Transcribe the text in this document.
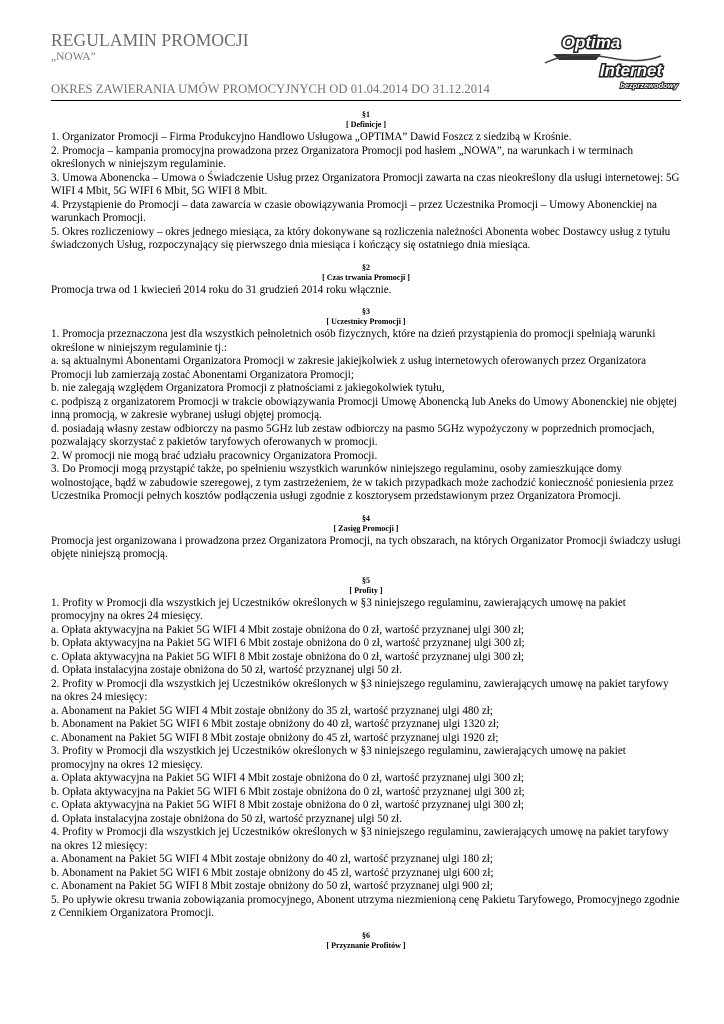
REGULAMIN PROMOCJI
„NOWA”
OKRES ZAWIERANIA UMÓW PROMOCYJNYCH OD 01.04.2014 DO 31.12.2014
Optima
Internet
bezprzewodowy
§1
[ Definicje ]

1. Organizator Promocji – Firma Produkcyjno Handlowo Usługowa „OPTIMA” Dawid Foszcz z siedzibą w Krośnie.

2. Promocja – kampania promocyjna prowadzona przez Organizatora Promocji pod hasłem „NOWA”, na warunkach i w terminach określonych w niniejszym regulaminie.

3. Umowa Abonencka – Umowa o Świadczenie Usług przez Organizatora Promocji zawarta na czas nieokreślony dla usługi internetowej: 5G WIFI 4 Mbit, 5G WIFI 6 Mbit, 5G WIFI 8 Mbit.

4. Przystąpienie do Promocji – data zawarcia w czasie obowiązywania Promocji – przez Uczestnika Promocji – Umowy Abonenckiej na warunkach Promocji.

5. Okres rozliczeniowy – okres jednego miesiąca, za który dokonywane są rozliczenia należności Abonenta wobec Dostawcy usług z tytułu świadczonych Usług, rozpoczynający się pierwszego dnia miesiąca i kończący się ostatniego dnia miesiąca.

§2
[ Czas trwania Promocji ]

Promocja trwa od 1 kwiecień 2014 roku do 31 grudzień 2014 roku włącznie.

§3
[ Uczestnicy Promocji ]

1. Promocja przeznaczona jest dla wszystkich pełnoletnich osób fizycznych, które na dzień przystąpienia do promocji spełniają warunki określone w niniejszym regulaminie tj.:

a. są aktualnymi Abonentami Organizatora Promocji w zakresie jakiejkolwiek z usług internetowych oferowanych przez Organizatora Promocji lub zamierzają zostać Abonentami Organizatora Promocji;

b. nie zalegają względem Organizatora Promocji z płatnościami z jakiegokolwiek tytułu,

c. podpiszą z organizatorem Promocji w trakcie obowiązywania Promocji Umowę Abonencką lub Aneks do Umowy Abonenckiej nie objętej inną promocją, w zakresie wybranej usługi objętej promocją.

d. posiadają własny zestaw odbiorczy na pasmo 5GHz lub zestaw odbiorczy na pasmo 5GHz wypożyczony w poprzednich promocjach, pozwalający skorzystać z pakietów taryfowych oferowanych w promocji.

2. W promocji nie mogą brać udziału pracownicy Organizatora Promocji.

3. Do Promocji mogą przystąpić także, po spełnieniu wszystkich warunków niniejszego regulaminu, osoby zamieszkujące domy wolnostojące, bądź w zabudowie szeregowej, z tym zastrzeżeniem, że w takich przypadkach może zachodzić konieczność poniesienia przez Uczestnika Promocji pełnych kosztów podłączenia usługi zgodnie z kosztorysem przedstawionym przez Organizatora Promocji.

§4
[ Zasięg Promocji ]

Promocja jest organizowana i prowadzona przez Organizatora Promocji, na tych obszarach, na których Organizator Promocji świadczy usługi objęte niniejszą promocją.

§5
[ Profity ]

1. Profity w Promocji dla wszystkich jej Uczestników określonych w §3 niniejszego regulaminu, zawierających umowę na pakiet promocyjny na okres 24 miesięcy.

a. Opłata aktywacyjna na Pakiet 5G WIFI 4 Mbit zostaje obniżona do 0 zł, wartość przyznanej ulgi 300 zł;

b. Opłata aktywacyjna na Pakiet 5G WIFI 6 Mbit zostaje obniżona do 0 zł, wartość przyznanej ulgi 300 zł;

c. Opłata aktywacyjna na Pakiet 5G WIFI 8 Mbit zostaje obniżona do 0 zł, wartość przyznanej ulgi 300 zł;

d. Opłata instalacyjna zostaje obniżona do 50 zł, wartość przyznanej ulgi 50 zł.

2. Profity w Promocji dla wszystkich jej Uczestników określonych w §3 niniejszego regulaminu, zawierających umowę na pakiet taryfowy na okres 24 miesięcy:

a. Abonament na Pakiet 5G WIFI 4 Mbit zostaje obniżony do 35 zł, wartość przyznanej ulgi 480 zł;

b. Abonament na Pakiet 5G WIFI 6 Mbit zostaje obniżony do 40 zł, wartość przyznanej ulgi 1320 zł;

c. Abonament na Pakiet 5G WIFI 8 Mbit zostaje obniżony do 45 zł, wartość przyznanej ulgi 1920 zł;

3. Profity w Promocji dla wszystkich jej Uczestników określonych w §3 niniejszego regulaminu, zawierających umowę na pakiet promocyjny na okres 12 miesięcy.

a. Opłata aktywacyjna na Pakiet 5G WIFI 4 Mbit zostaje obniżona do 0 zł, wartość przyznanej ulgi 300 zł;

b. Opłata aktywacyjna na Pakiet 5G WIFI 6 Mbit zostaje obniżona do 0 zł, wartość przyznanej ulgi 300 zł;

c. Opłata aktywacyjna na Pakiet 5G WIFI 8 Mbit zostaje obniżona do 0 zł, wartość przyznanej ulgi 300 zł;

d. Opłata instalacyjna zostaje obniżona do 50 zł, wartość przyznanej ulgi 50 zł.

4. Profity w Promocji dla wszystkich jej Uczestników określonych w §3 niniejszego regulaminu, zawierających umowę na pakiet taryfowy na okres 12 miesięcy:

a. Abonament na Pakiet 5G WIFI 4 Mbit zostaje obniżony do 40 zł, wartość przyznanej ulgi 180 zł;

b. Abonament na Pakiet 5G WIFI 6 Mbit zostaje obniżony do 45 zł, wartość przyznanej ulgi 600 zł;

c. Abonament na Pakiet 5G WIFI 8 Mbit zostaje obniżony do 50 zł, wartość przyznanej ulgi 900 zł;

5. Po upływie okresu trwania zobowiązania promocyjnego, Abonent utrzyma niezmienioną cenę Pakietu Taryfowego, Promocyjnego zgodnie z Cennikiem Organizatora Promocji.

§6
[ Przyznanie Profitów ]
